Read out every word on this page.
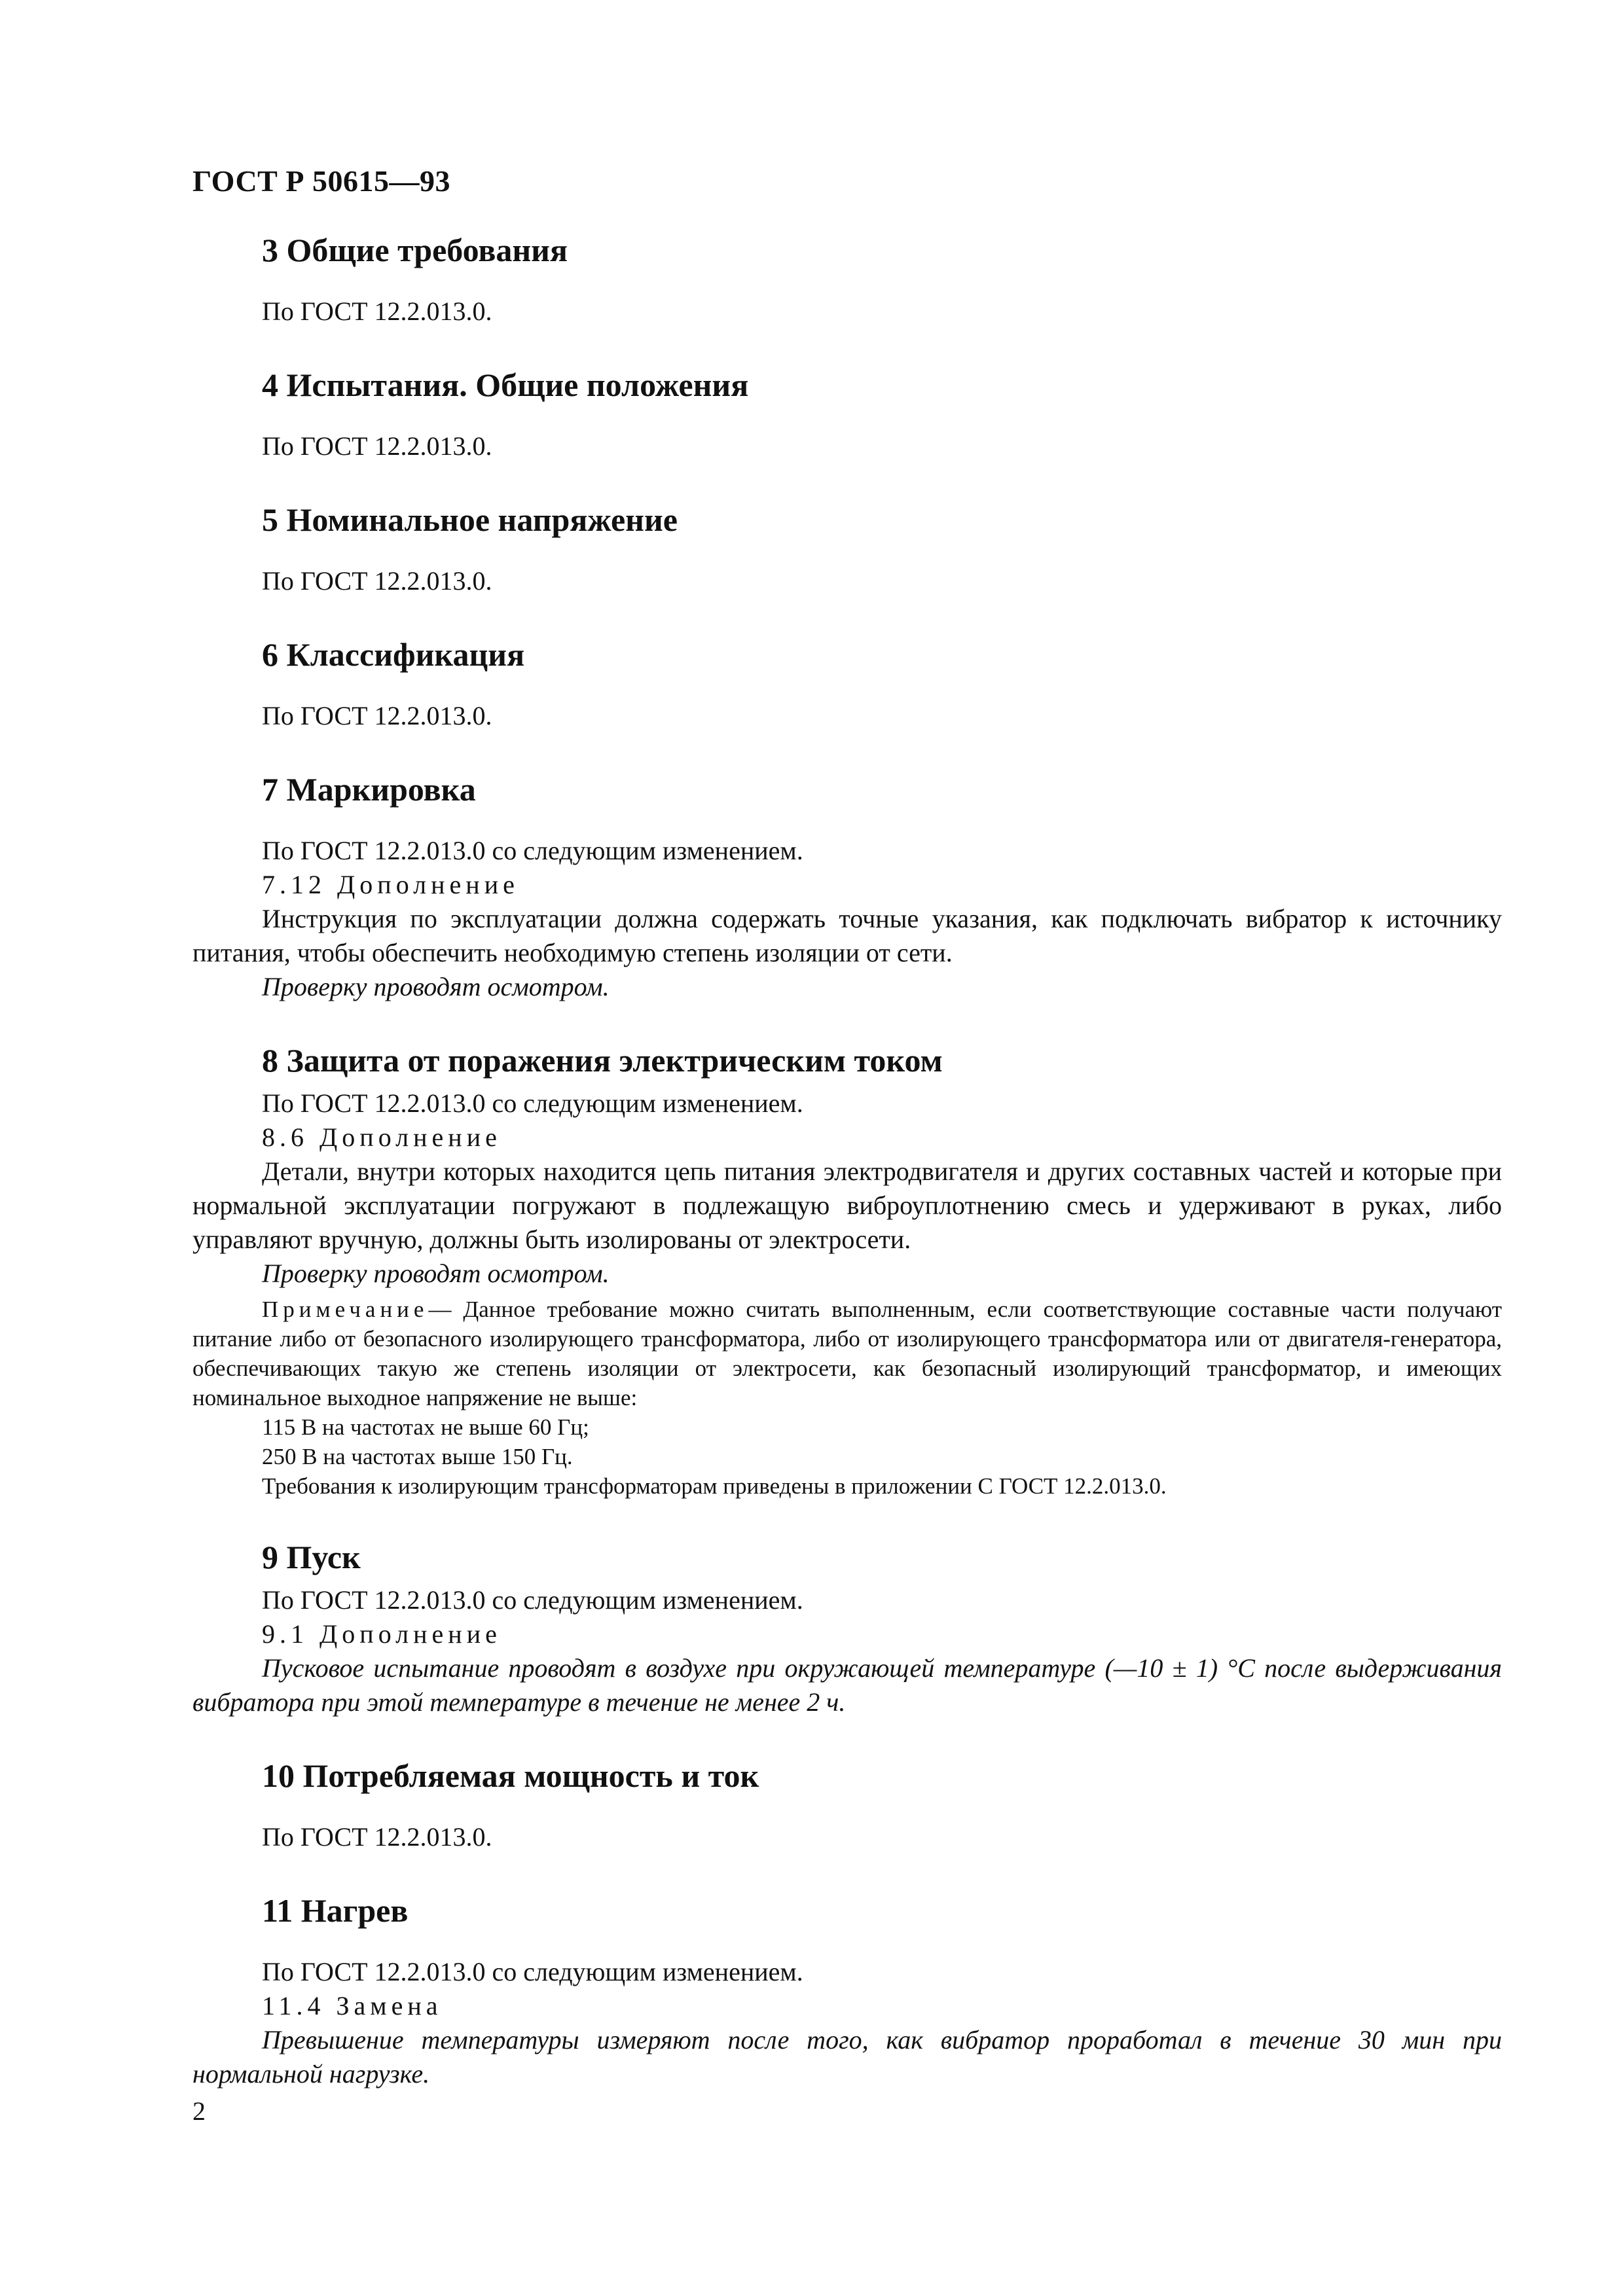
ГОСТ Р 50615—93

3 Общие требования

По ГОСТ 12.2.013.0.

4 Испытания. Общие положения

По ГОСТ 12.2.013.0.

5 Номинальное напряжение

По ГОСТ 12.2.013.0.

6 Классификация

По ГОСТ 12.2.013.0.

7 Маркировка

По ГОСТ 12.2.013.0 со следующим изменением.

7.12 Дополнение

Инструкция по эксплуатации должна содержать точные указания, как подключать вибратор к источнику питания, чтобы обеспечить необходимую степень изоляции от сети.

Проверку проводят осмотром.

8 Защита от поражения электрическим током

По ГОСТ 12.2.013.0 со следующим изменением.

8.6 Дополнение

Детали, внутри которых находится цепь питания электродвигателя и других составных частей и которые при нормальной эксплуатации погружают в подлежащую виброуплотнению смесь и удерживают в руках, либо управляют вручную, должны быть изолированы от электросети.

Проверку проводят осмотром.

Примечание— Данное требование можно считать выполненным, если соответствующие составные части получают питание либо от безопасного изолирующего трансформатора, либо от изолирующего трансформатора или от двигателя-генератора, обеспечивающих такую же степень изоляции от электросети, как безопасный изолирующий трансформатор, и имеющих номинальное выходное напряжение не выше:

115 В на частотах не выше 60 Гц;

250 В на частотах выше 150 Гц.

Требования к изолирующим трансформаторам приведены в приложении С ГОСТ 12.2.013.0.

9 Пуск

По ГОСТ 12.2.013.0 со следующим изменением.

9.1 Дополнение

Пусковое испытание проводят в воздухе при окружающей температуре (—10 ± 1) °С после выдерживания вибратора при этой температуре в течение не менее 2 ч.

10 Потребляемая мощность и ток

По ГОСТ 12.2.013.0.

11 Нагрев

По ГОСТ 12.2.013.0 со следующим изменением.

11.4 Замена

Превышение температуры измеряют после того, как вибратор проработал в течение 30 мин при нормальной нагрузке.

2
